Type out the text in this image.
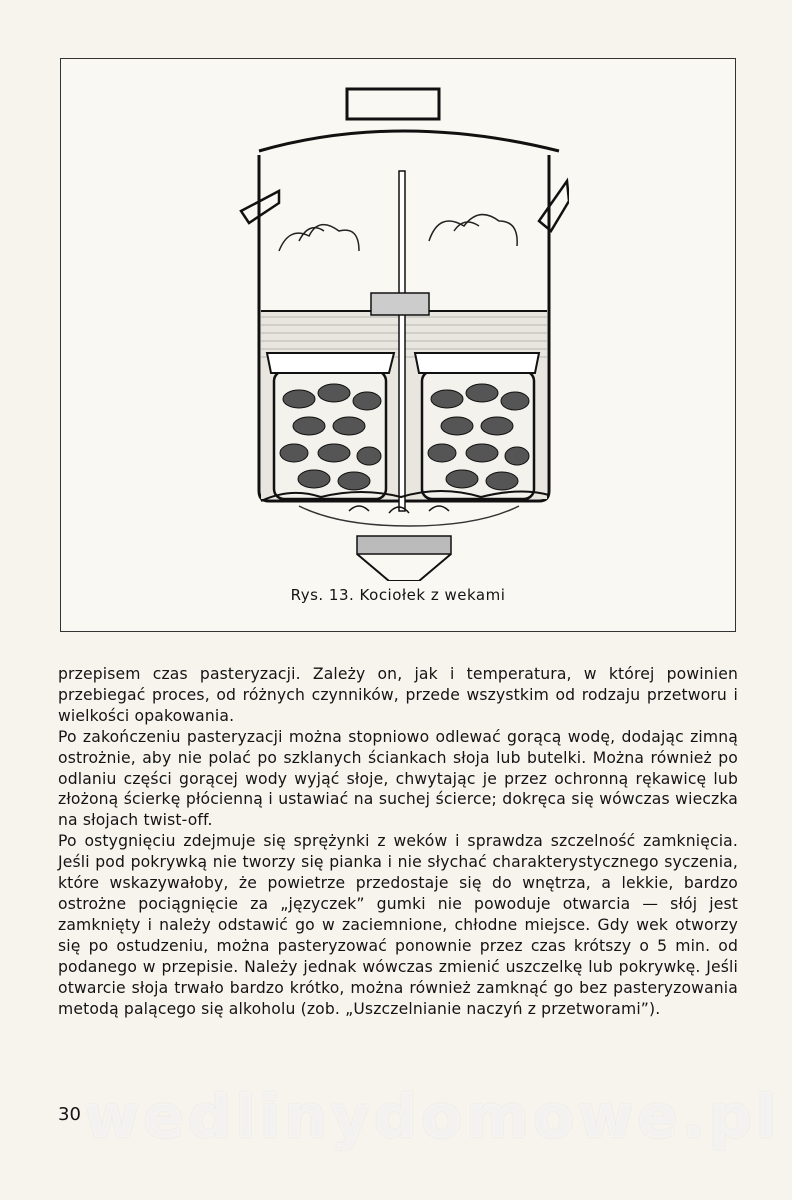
Rys. 13. Kociołek z wekami

przepisem czas pasteryzacji. Zależy on, jak i temperatura, w której powinien przebiegać proces, od różnych czynników, przede wszystkim od rodzaju przetworu i wielkości opakowania.

Po zakończeniu pasteryzacji można stopniowo odlewać gorącą wodę, dodając zimną ostrożnie, aby nie polać po szklanych ściankach słoja lub butelki. Można również po odlaniu części gorącej wody wyjąć słoje, chwytając je przez ochronną rękawicę lub złożoną ścierkę płócienną i ustawiać na suchej ścierce; dokręca się wówczas wieczka na słojach twist-off.

Po ostygnięciu zdejmuje się sprężynki z weków i sprawdza szczelność zamknięcia. Jeśli pod pokrywką nie tworzy się pianka i nie słychać charakterystycznego syczenia, które wskazywałoby, że powietrze przedostaje się do wnętrza, a lekkie, bardzo ostrożne pociągnięcie za „języczek” gumki nie powoduje otwarcia — słój jest zamknięty i należy odstawić go w zaciemnione, chłodne miejsce. Gdy wek otworzy się po ostudzeniu, można pasteryzować ponownie przez czas krótszy o 5 min. od podanego w przepisie. Należy jednak wówczas zmienić uszczelkę lub pokrywkę. Jeśli otwarcie słoja trwało bardzo krótko, można również zamknąć go bez pasteryzowania metodą palącego się alkoholu (zob. „Uszczelnianie naczyń z przetworami”).

wedlinydomowe.pl
30
